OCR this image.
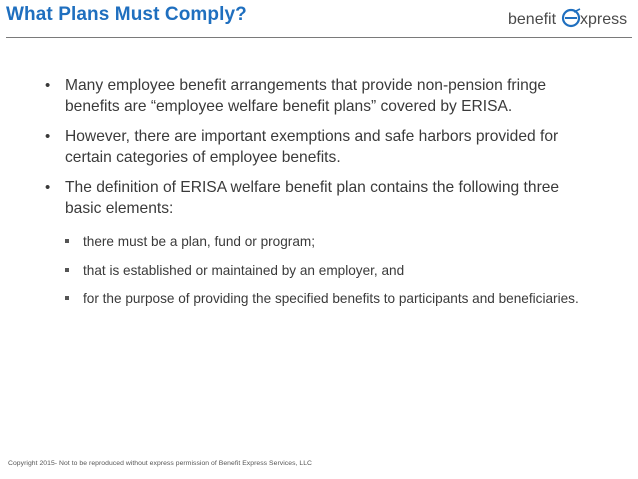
What Plans Must Comply?	benefit xpress
• Many employee benefit arrangements that provide non-pension fringe benefits are “employee welfare benefit plans” covered by ERISA.
• However, there are important exemptions and safe harbors provided for certain categories of employee benefits.
• The definition of ERISA welfare benefit plan contains the following three basic elements:
there must be a plan, fund or program;
that is established or maintained by an employer, and
for the purpose of providing the specified benefits to participants and beneficiaries.
Copyright 2015- Not to be reproduced without express permission of Benefit Express Services, LLC
